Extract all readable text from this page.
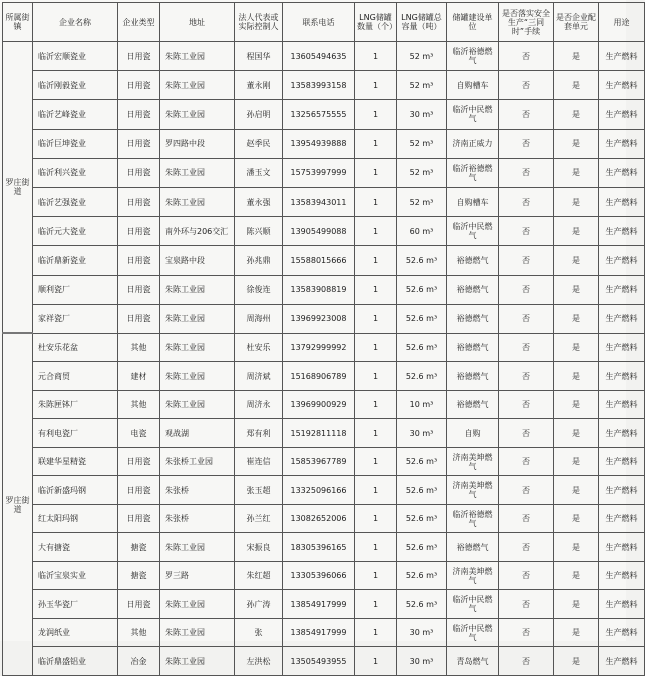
所属街镇	企业名称	企业类型	地址	法人代表或实际控制人	联系电话	LNG储罐数量（个）	LNG储罐总容量（吨）	储罐建设单位	是否落实安全生产“三同时”手续	是否企业配套单元	用途
罗庄街道	临沂宏顺瓷业	日用瓷	朱陈工业园	程国华	13605494635	1	52 m³	临沂裕德燃气	否	是	生产燃料
	临沂刚毅瓷业	日用瓷	朱陈工业园	董永刚	13583993158	1	52 m³	自购槽车	否	是	生产燃料
	临沂艺峰瓷业	日用瓷	朱陈工业园	孙启明	13256575555	1	30 m³	临沂中民燃气	否	是	生产燃料
	临沂巨坤瓷业	日用瓷	罗四路中段	赵季民	13954939888	1	52 m³	济南正威力	否	是	生产燃料
	临沂利兴瓷业	日用瓷	朱陈工业园	潘玉文	15753997999	1	52 m³	临沂裕德燃气	否	是	生产燃料
	临沂艺强瓷业	日用瓷	朱陈工业园	董永强	13583943011	1	52 m³	自购槽车	否	是	生产燃料
	临沂元大瓷业	日用瓷	南外环与206交汇	陈兴顺	13905499088	1	60 m³	临沂中民燃气	否	是	生产燃料
	临沂鼎新瓷业	日用瓷	宝泉路中段	孙兆鼎	15588015666	1	52.6 m³	裕德燃气	否	是	生产燃料
	顺利瓷厂	日用瓷	朱陈工业园	徐俊连	13583908819	1	52.6 m³	裕德燃气	否	是	生产燃料
	家祥瓷厂	日用瓷	朱陈工业园	周海州	13969923008	1	52.6 m³	裕德燃气	否	是	生产燃料
罗庄街道	杜安乐花盆	其他	朱陈工业园	杜安乐	13792999992	1	52.6 m³	裕德燃气	否	是	生产燃料
	元合商贸	建材	朱陈工业园	周济斌	15168906789	1	52.6 m³	裕德燃气	否	是	生产燃料
	朱陈匣钵厂	其他	朱陈工业园	周济永	13969900929	1	10 m³	裕德燃气	否	是	生产燃料
	有利电瓷厂	电瓷	观战湖	郑有利	15192811118	1	30 m³	自购	否	是	生产燃料
	联建华星精瓷	日用瓷	朱张桥工业园	崔连信	15853967789	1	52.6 m³	济南美坤燃气	否	是	生产燃料
	临沂新盛玛钢	日用瓷	朱张桥	张玉超	13325096166	1	52.6 m³	济南美坤燃气	否	是	生产燃料
	红太阳玛钢	日用瓷	朱张桥	孙兰红	13082652006	1	52.6 m³	临沂裕德燃气	否	是	生产燃料
	大有搪瓷	搪瓷	朱陈工业园	宋振良	18305396165	1	52.6 m³	裕德燃气	否	是	生产燃料
	临沂宝泉实业	搪瓷	罗三路	朱红超	13305396066	1	52.6 m³	济南美坤燃气	否	是	生产燃料
	孙玉华瓷厂	日用瓷	朱陈工业园	孙广涛	13854917999	1	52.6 m³	临沂中民燃气	否	是	生产燃料
	龙润纸业	其他	朱陈工业园	张	13854917999	1	30 m³	临沂中民燃气	否	是	生产燃料
	临沂鼎盛铝业	冶金	朱陈工业园	左洪松	13505493955	1	30 m³	青岛燃气	否	是	生产燃料
